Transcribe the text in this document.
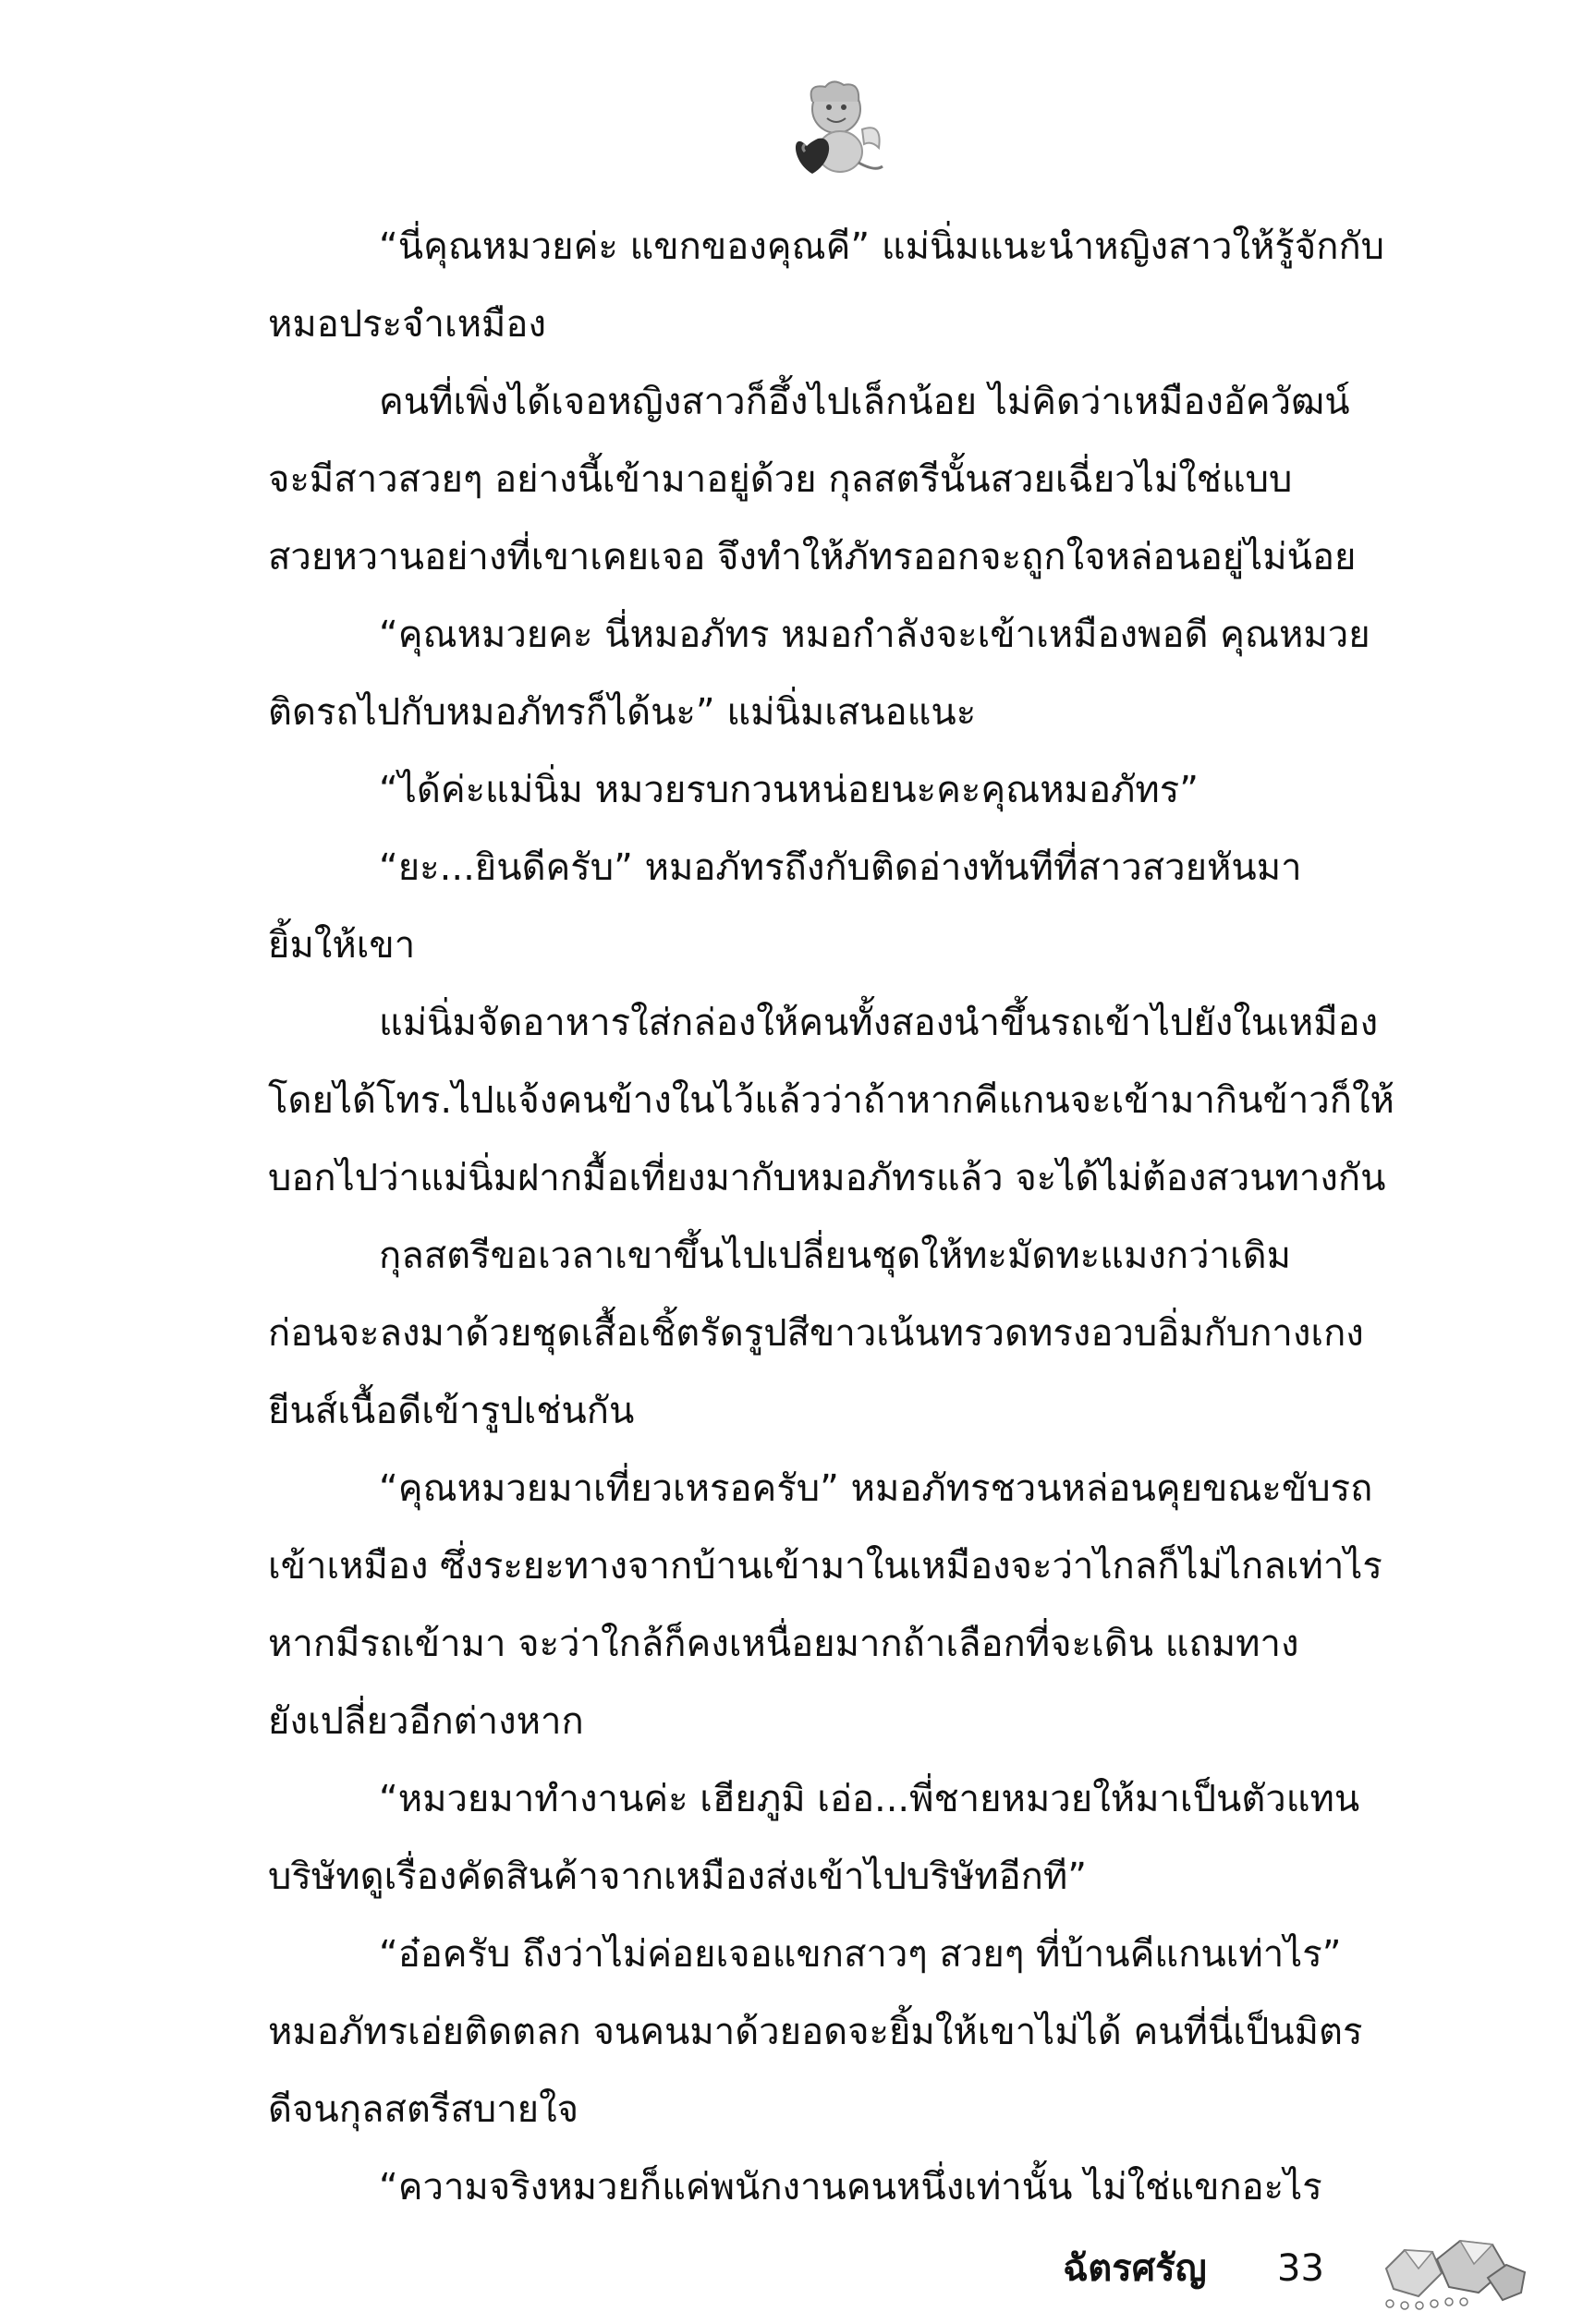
“นี่คุณหมวยค่ะ แขกของคุณคี” แม่นิ่มแนะนำหญิงสาวให้รู้จักกับ
หมอประจำเหมือง
คนที่เพิ่งได้เจอหญิงสาวก็อึ้งไปเล็กน้อย ไม่คิดว่าเหมืองอัควัฒน์
จะมีสาวสวยๆ อย่างนี้เข้ามาอยู่ด้วย กุลสตรีนั้นสวยเฉี่ยวไม่ใช่แบบ
สวยหวานอย่างที่เขาเคยเจอ จึงทำให้ภัทรออกจะถูกใจหล่อนอยู่ไม่น้อย
“คุณหมวยคะ นี่หมอภัทร หมอกำลังจะเข้าเหมืองพอดี คุณหมวย
ติดรถไปกับหมอภัทรก็ได้นะ” แม่นิ่มเสนอแนะ
“ได้ค่ะแม่นิ่ม หมวยรบกวนหน่อยนะคะคุณหมอภัทร”
“ยะ...ยินดีครับ” หมอภัทรถึงกับติดอ่างทันทีที่สาวสวยหันมา
ยิ้มให้เขา
แม่นิ่มจัดอาหารใส่กล่องให้คนทั้งสองนำขึ้นรถเข้าไปยังในเหมือง
โดยได้โทร.ไปแจ้งคนข้างในไว้แล้วว่าถ้าหากคีแกนจะเข้ามากินข้าวก็ให้
บอกไปว่าแม่นิ่มฝากมื้อเที่ยงมากับหมอภัทรแล้ว จะได้ไม่ต้องสวนทางกัน
กุลสตรีขอเวลาเขาขึ้นไปเปลี่ยนชุดให้ทะมัดทะแมงกว่าเดิม
ก่อนจะลงมาด้วยชุดเสื้อเชิ้ตรัดรูปสีขาวเน้นทรวดทรงอวบอิ่มกับกางเกง
ยีนส์เนื้อดีเข้ารูปเช่นกัน
“คุณหมวยมาเที่ยวเหรอครับ” หมอภัทรชวนหล่อนคุยขณะขับรถ
เข้าเหมือง ซึ่งระยะทางจากบ้านเข้ามาในเหมืองจะว่าไกลก็ไม่ไกลเท่าไร
หากมีรถเข้ามา จะว่าใกล้ก็คงเหนื่อยมากถ้าเลือกที่จะเดิน แถมทาง
ยังเปลี่ยวอีกต่างหาก
“หมวยมาทำงานค่ะ เฮียภูมิ เอ่อ...พี่ชายหมวยให้มาเป็นตัวแทน
บริษัทดูเรื่องคัดสินค้าจากเหมืองส่งเข้าไปบริษัทอีกที”
“อ๋อครับ ถึงว่าไม่ค่อยเจอแขกสาวๆ สวยๆ ที่บ้านคีแกนเท่าไร”
หมอภัทรเอ่ยติดตลก จนคนมาด้วยอดจะยิ้มให้เขาไม่ได้ คนที่นี่เป็นมิตร
ดีจนกุลสตรีสบายใจ
“ความจริงหมวยก็แค่พนักงานคนหนึ่งเท่านั้น ไม่ใช่แขกอะไร
ฉัตรศรัญ 33
